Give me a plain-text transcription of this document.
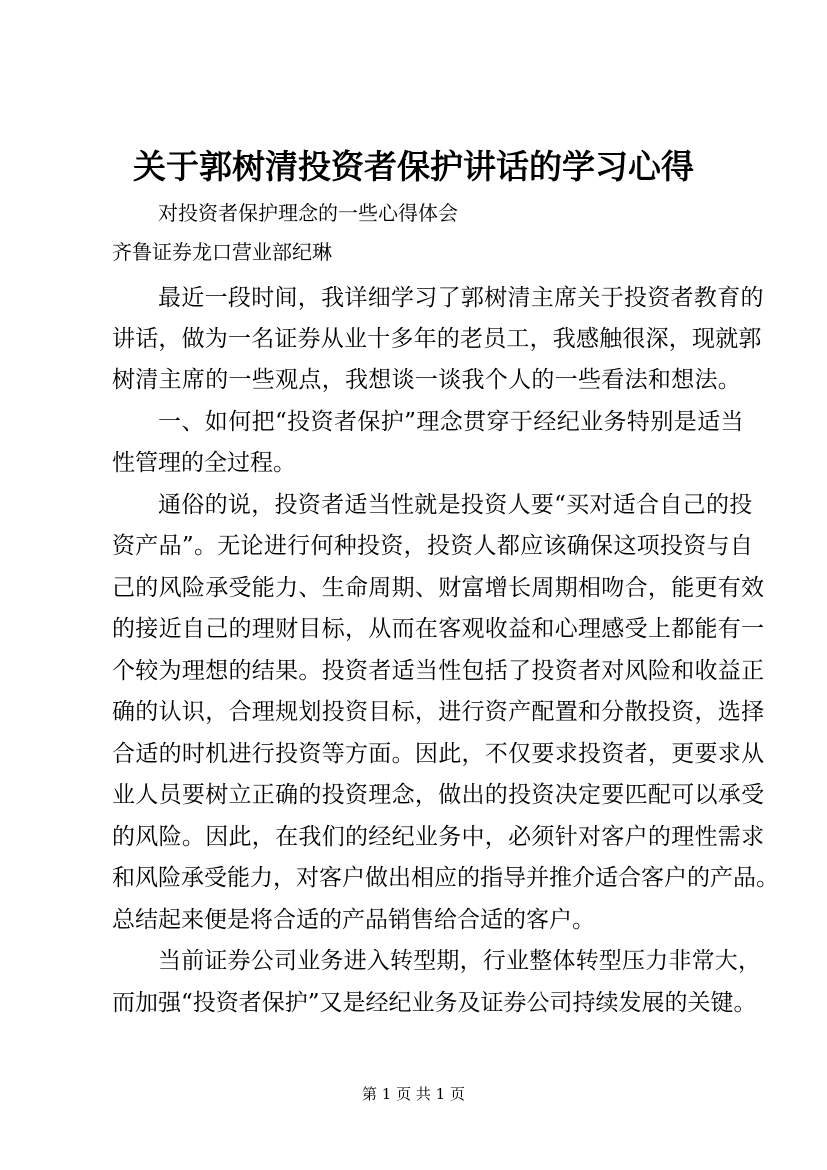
关于郭树清投资者保护讲话的学习心得
对投资者保护理念的一些心得体会
齐鲁证券龙口营业部纪琳
最近一段时间，我详细学习了郭树清主席关于投资者教育的
讲话，做为一名证券从业十多年的老员工，我感触很深，现就郭
树清主席的一些观点，我想谈一谈我个人的一些看法和想法。
一、如何把“投资者保护”理念贯穿于经纪业务特别是适当
性管理的全过程。
通俗的说，投资者适当性就是投资人要“买对适合自己的投
资产品”。无论进行何种投资，投资人都应该确保这项投资与自
己的风险承受能力、生命周期、财富增长周期相吻合，能更有效
的接近自己的理财目标，从而在客观收益和心理感受上都能有一
个较为理想的结果。投资者适当性包括了投资者对风险和收益正
确的认识，合理规划投资目标，进行资产配置和分散投资，选择
合适的时机进行投资等方面。因此，不仅要求投资者，更要求从
业人员要树立正确的投资理念，做出的投资决定要匹配可以承受
的风险。因此，在我们的经纪业务中，必须针对客户的理性需求
和风险承受能力，对客户做出相应的指导并推介适合客户的产品。
总结起来便是将合适的产品销售给合适的客户。
当前证券公司业务进入转型期，行业整体转型压力非常大，
而加强“投资者保护”又是经纪业务及证券公司持续发展的关键。
第 1 页 共 1 页
